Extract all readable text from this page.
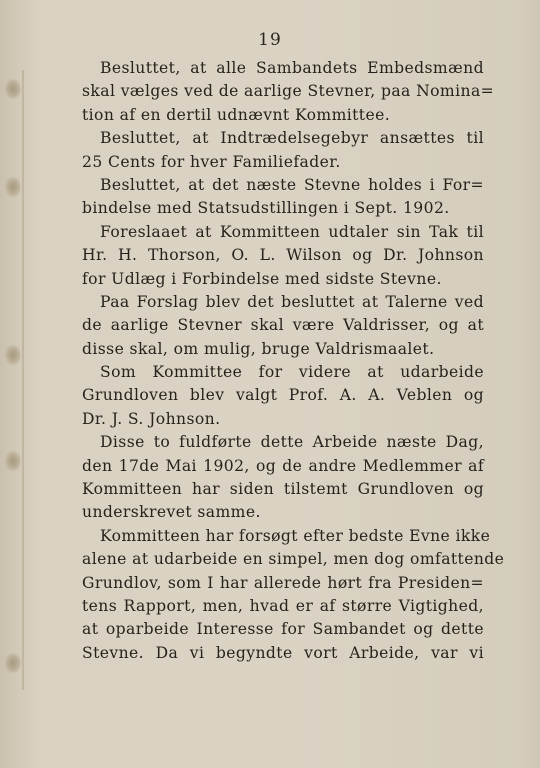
19
Besluttet, at alle Sambandets Embedsmænd
skal vælges ved de aarlige Stevner, paa Nomina=
tion af en dertil udnævnt Kommittee.
Besluttet, at Indtrædelsegebyr ansættes til
25 Cents for hver Familiefader.
Besluttet, at det næste Stevne holdes i For=
bindelse med Statsudstillingen i Sept. 1902.
Foreslaaet at Kommitteen udtaler sin Tak til
Hr. H. Thorson, O. L. Wilson og Dr. Johnson
for Udlæg i Forbindelse med sidste Stevne.
Paa Forslag blev det besluttet at Talerne ved
de aarlige Stevner skal være Valdrisser, og at
disse skal, om mulig, bruge Valdrismaalet.
Som Kommittee for videre at udarbeide
Grundloven blev valgt Prof. A. A. Veblen og
Dr. J. S. Johnson.
Disse to fuldførte dette Arbeide næste Dag,
den 17de Mai 1902, og de andre Medlemmer af
Kommitteen har siden tilstemt Grundloven og
underskrevet samme.
Kommitteen har forsøgt efter bedste Evne ikke
alene at udarbeide en simpel, men dog omfattende
Grundlov, som I har allerede hørt fra Presiden=
tens Rapport, men, hvad er af større Vigtighed,
at oparbeide Interesse for Sambandet og dette
Stevne. Da vi begyndte vort Arbeide, var vi
